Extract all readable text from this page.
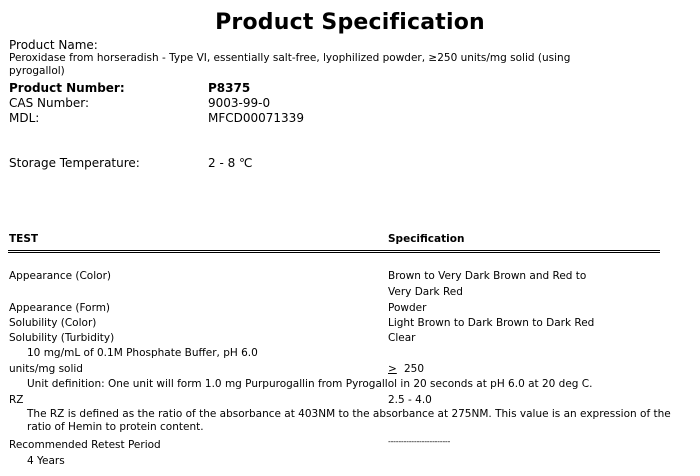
Product Specification
Product Name:
Peroxidase from horseradish - Type VI, essentially salt-free, lyophilized powder, ≥250 units/mg solid (using pyrogallol)
Product Number:	P8375
CAS Number:	9003-99-0
MDL:	MFCD00071339
Storage Temperature:	2 - 8 ℃
TEST	Specification
Appearance (Color)	Brown to Very Dark Brown and Red to
Very Dark Red
Appearance (Form)	Powder
Solubility (Color)	Light Brown to Dark Brown to Dark Red
Solubility (Turbidity)	Clear
10 mg/mL of 0.1M Phosphate Buffer, pH 6.0
units/mg solid	> 250
Unit definition: One unit will form 1.0 mg Purpurogallin from Pyrogallol in 20 seconds at pH 6.0 at 20 deg C.
RZ	2.5 - 4.0
The RZ is defined as the ratio of the absorbance at 403NM to the absorbance at 275NM. This value is an expression of the ratio of Hemin to protein content.
Recommended Retest Period	------------------------
4 Years
